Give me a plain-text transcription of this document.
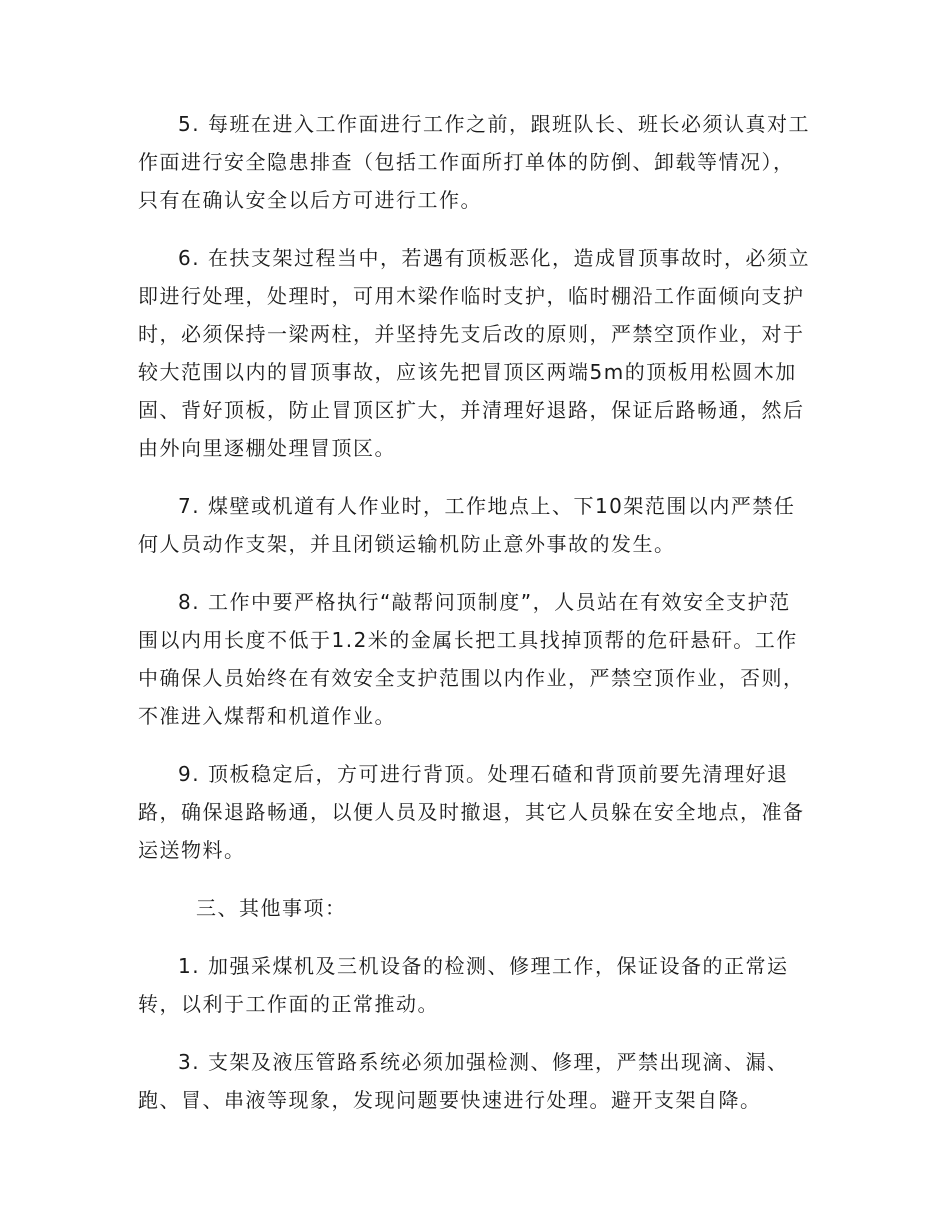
5. 每班在进入工作面进行工作之前，跟班队长、班长必须认真对工作面进行安全隐患排查（包括工作面所打单体的防倒、卸载等情况），只有在确认安全以后方可进行工作。

6. 在扶支架过程当中，若遇有顶板恶化，造成冒顶事故时，必须立即进行处理，处理时，可用木梁作临时支护，临时棚沿工作面倾向支护时，必须保持一梁两柱，并坚持先支后改的原则，严禁空顶作业，对于较大范围以内的冒顶事故，应该先把冒顶区两端5m的顶板用松圆木加固、背好顶板，防止冒顶区扩大，并清理好退路，保证后路畅通，然后由外向里逐棚处理冒顶区。

7. 煤壁或机道有人作业时，工作地点上、下10架范围以内严禁任何人员动作支架，并且闭锁运输机防止意外事故的发生。

8. 工作中要严格执行“敲帮问顶制度”，人员站在有效安全支护范围以内用长度不低于1.2米的金属长把工具找掉顶帮的危矸悬矸。工作中确保人员始终在有效安全支护范围以内作业，严禁空顶作业，否则，不准进入煤帮和机道作业。

9. 顶板稳定后，方可进行背顶。处理石碴和背顶前要先清理好退路，确保退路畅通，以便人员及时撤退，其它人员躲在安全地点，准备运送物料。

三、其他事项：

1. 加强采煤机及三机设备的检测、修理工作，保证设备的正常运转，以利于工作面的正常推动。

3. 支架及液压管路系统必须加强检测、修理，严禁出现滴、漏、跑、冒、串液等现象，发现问题要快速进行处理。避开支架自降。
